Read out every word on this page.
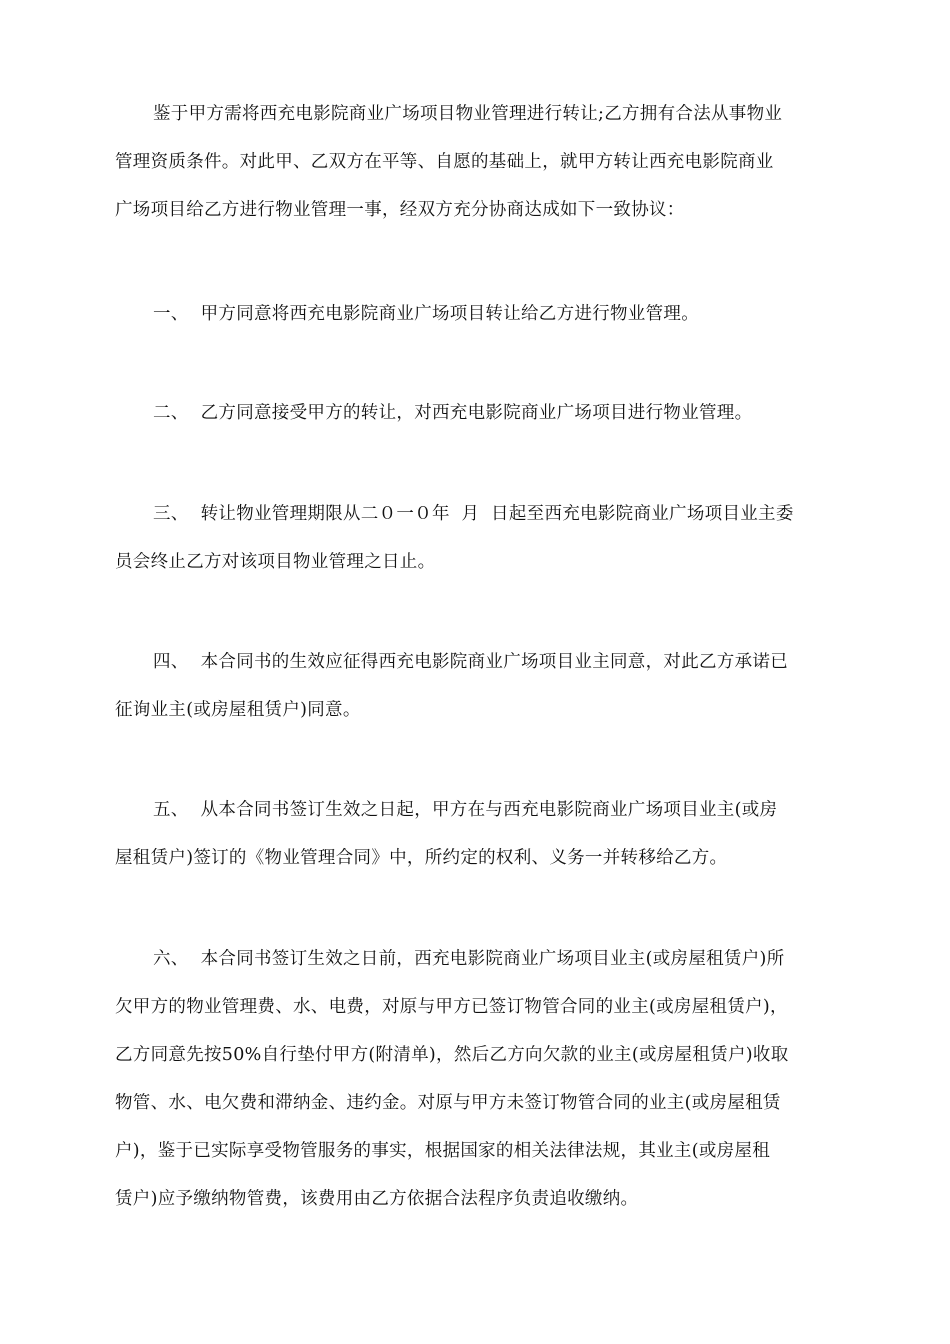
鉴于甲方需将西充电影院商业广场项目物业管理进行转让;乙方拥有合法从事物业
管理资质条件。对此甲、乙双方在平等、自愿的基础上，就甲方转让西充电影院商业
广场项目给乙方进行物业管理一事，经双方充分协商达成如下一致协议：
一、 甲方同意将西充电影院商业广场项目转让给乙方进行物业管理。
二、 乙方同意接受甲方的转让，对西充电影院商业广场项目进行物业管理。
三、 转让物业管理期限从二０一０年  月  日起至西充电影院商业广场项目业主委
员会终止乙方对该项目物业管理之日止。
四、 本合同书的生效应征得西充电影院商业广场项目业主同意，对此乙方承诺已
征询业主(或房屋租赁户)同意。
五、 从本合同书签订生效之日起，甲方在与西充电影院商业广场项目业主(或房
屋租赁户)签订的《物业管理合同》中，所约定的权利、义务一并转移给乙方。
六、 本合同书签订生效之日前，西充电影院商业广场项目业主(或房屋租赁户)所
欠甲方的物业管理费、水、电费，对原与甲方已签订物管合同的业主(或房屋租赁户)，
乙方同意先按50%自行垫付甲方(附清单)，然后乙方向欠款的业主(或房屋租赁户)收取
物管、水、电欠费和滞纳金、违约金。对原与甲方未签订物管合同的业主(或房屋租赁
户)，鉴于已实际享受物管服务的事实，根据国家的相关法律法规，其业主(或房屋租
赁户)应予缴纳物管费，该费用由乙方依据合法程序负责追收缴纳。
